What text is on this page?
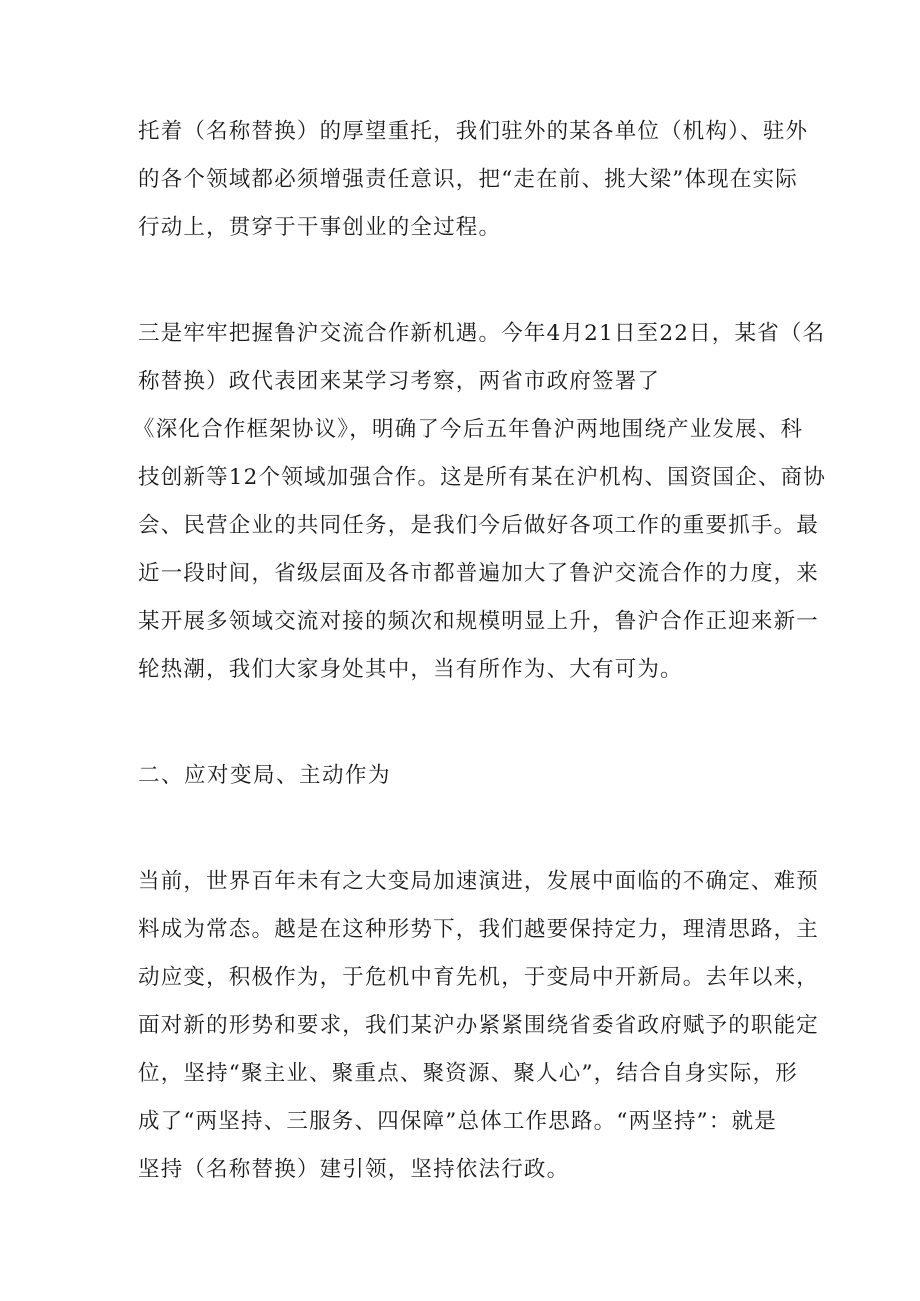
托着（名称替换）的厚望重托，我们驻外的某各单位（机构）、驻外
的各个领域都必须增强责任意识，把“走在前、挑大梁”体现在实际
行动上，贯穿于干事创业的全过程。
三是牢牢把握鲁沪交流合作新机遇。今年4月21日至22日，某省（名
称替换）政代表团来某学习考察，两省市政府签署了
《深化合作框架协议》，明确了今后五年鲁沪两地围绕产业发展、科
技创新等12个领域加强合作。这是所有某在沪机构、国资国企、商协
会、民营企业的共同任务，是我们今后做好各项工作的重要抓手。最
近一段时间，省级层面及各市都普遍加大了鲁沪交流合作的力度，来
某开展多领域交流对接的频次和规模明显上升，鲁沪合作正迎来新一
轮热潮，我们大家身处其中，当有所作为、大有可为。
二、应对变局、主动作为
当前，世界百年未有之大变局加速演进，发展中面临的不确定、难预
料成为常态。越是在这种形势下，我们越要保持定力，理清思路，主
动应变，积极作为，于危机中育先机，于变局中开新局。去年以来，
面对新的形势和要求，我们某沪办紧紧围绕省委省政府赋予的职能定
位，坚持“聚主业、聚重点、聚资源、聚人心”，结合自身实际，形
成了“两坚持、三服务、四保障”总体工作思路。“两坚持”：就是
坚持（名称替换）建引领，坚持依法行政。
